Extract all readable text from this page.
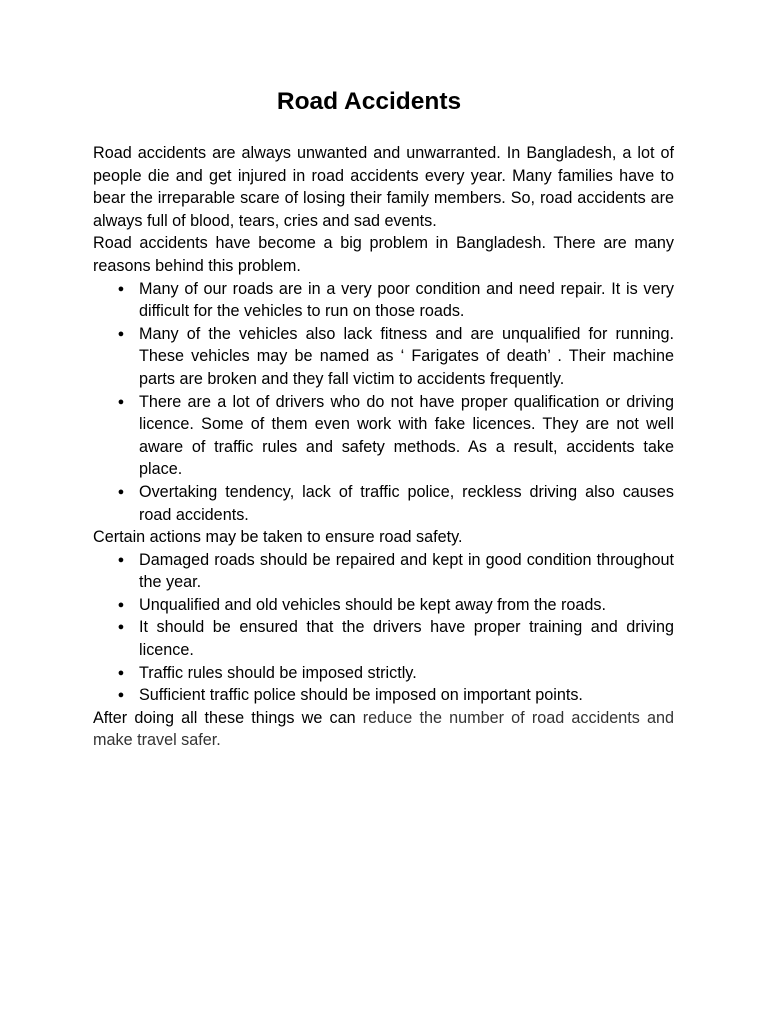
Road Accidents

Road accidents are always unwanted and unwarranted. In Bangladesh, a lot of people die and get injured in road accidents every year. Many families have to bear the irreparable scare of losing their family members. So, road accidents are always full of blood, tears, cries and sad events.

Road accidents have become a big problem in Bangladesh. There are many reasons behind this problem.

● Many of our roads are in a very poor condition and need repair. It is very difficult for the vehicles to run on those roads.
● Many of the vehicles also lack fitness and are unqualified for running. These vehicles may be named as ‘ Farigates of death’ . Their machine parts are broken and they fall victim to accidents frequently.
● There are a lot of drivers who do not have proper qualification or driving licence. Some of them even work with fake licences. They are not well aware of traffic rules and safety methods. As a result, accidents take place.
● Overtaking tendency, lack of traffic police, reckless driving also causes road accidents.

Certain actions may be taken to ensure road safety.

● Damaged roads should be repaired and kept in good condition throughout the year.
● Unqualified and old vehicles should be kept away from the roads.
● It should be ensured that the drivers have proper training and driving licence.
● Traffic rules should be imposed strictly.
● Sufficient traffic police should be imposed on important points.

After doing all these things we can reduce the number of road accidents and make travel safer.
